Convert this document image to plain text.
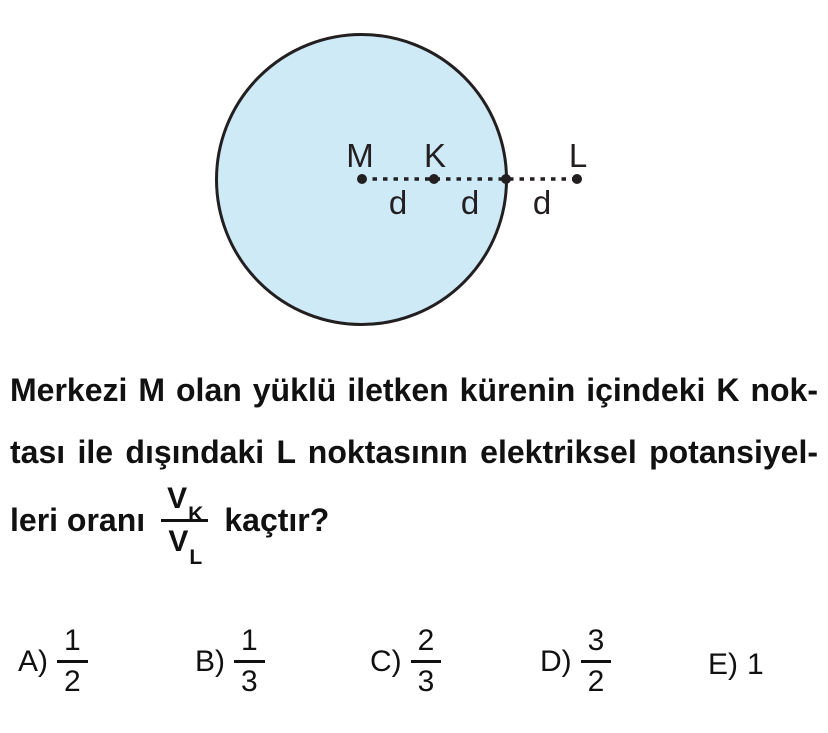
M K	L
d d d
Merkezi M olan yüklü iletken kürenin içindeki K nok-
tası ile dışındaki L noktasının elektriksel potansiyel-
leri oranı $\frac{V_K}{V_L}$ kaçtır?
$A) \frac{1}{2}$	$B) \frac{1}{3}$	$C) \frac{2}{3}$	$D) \frac{3}{2}$	E) 1
